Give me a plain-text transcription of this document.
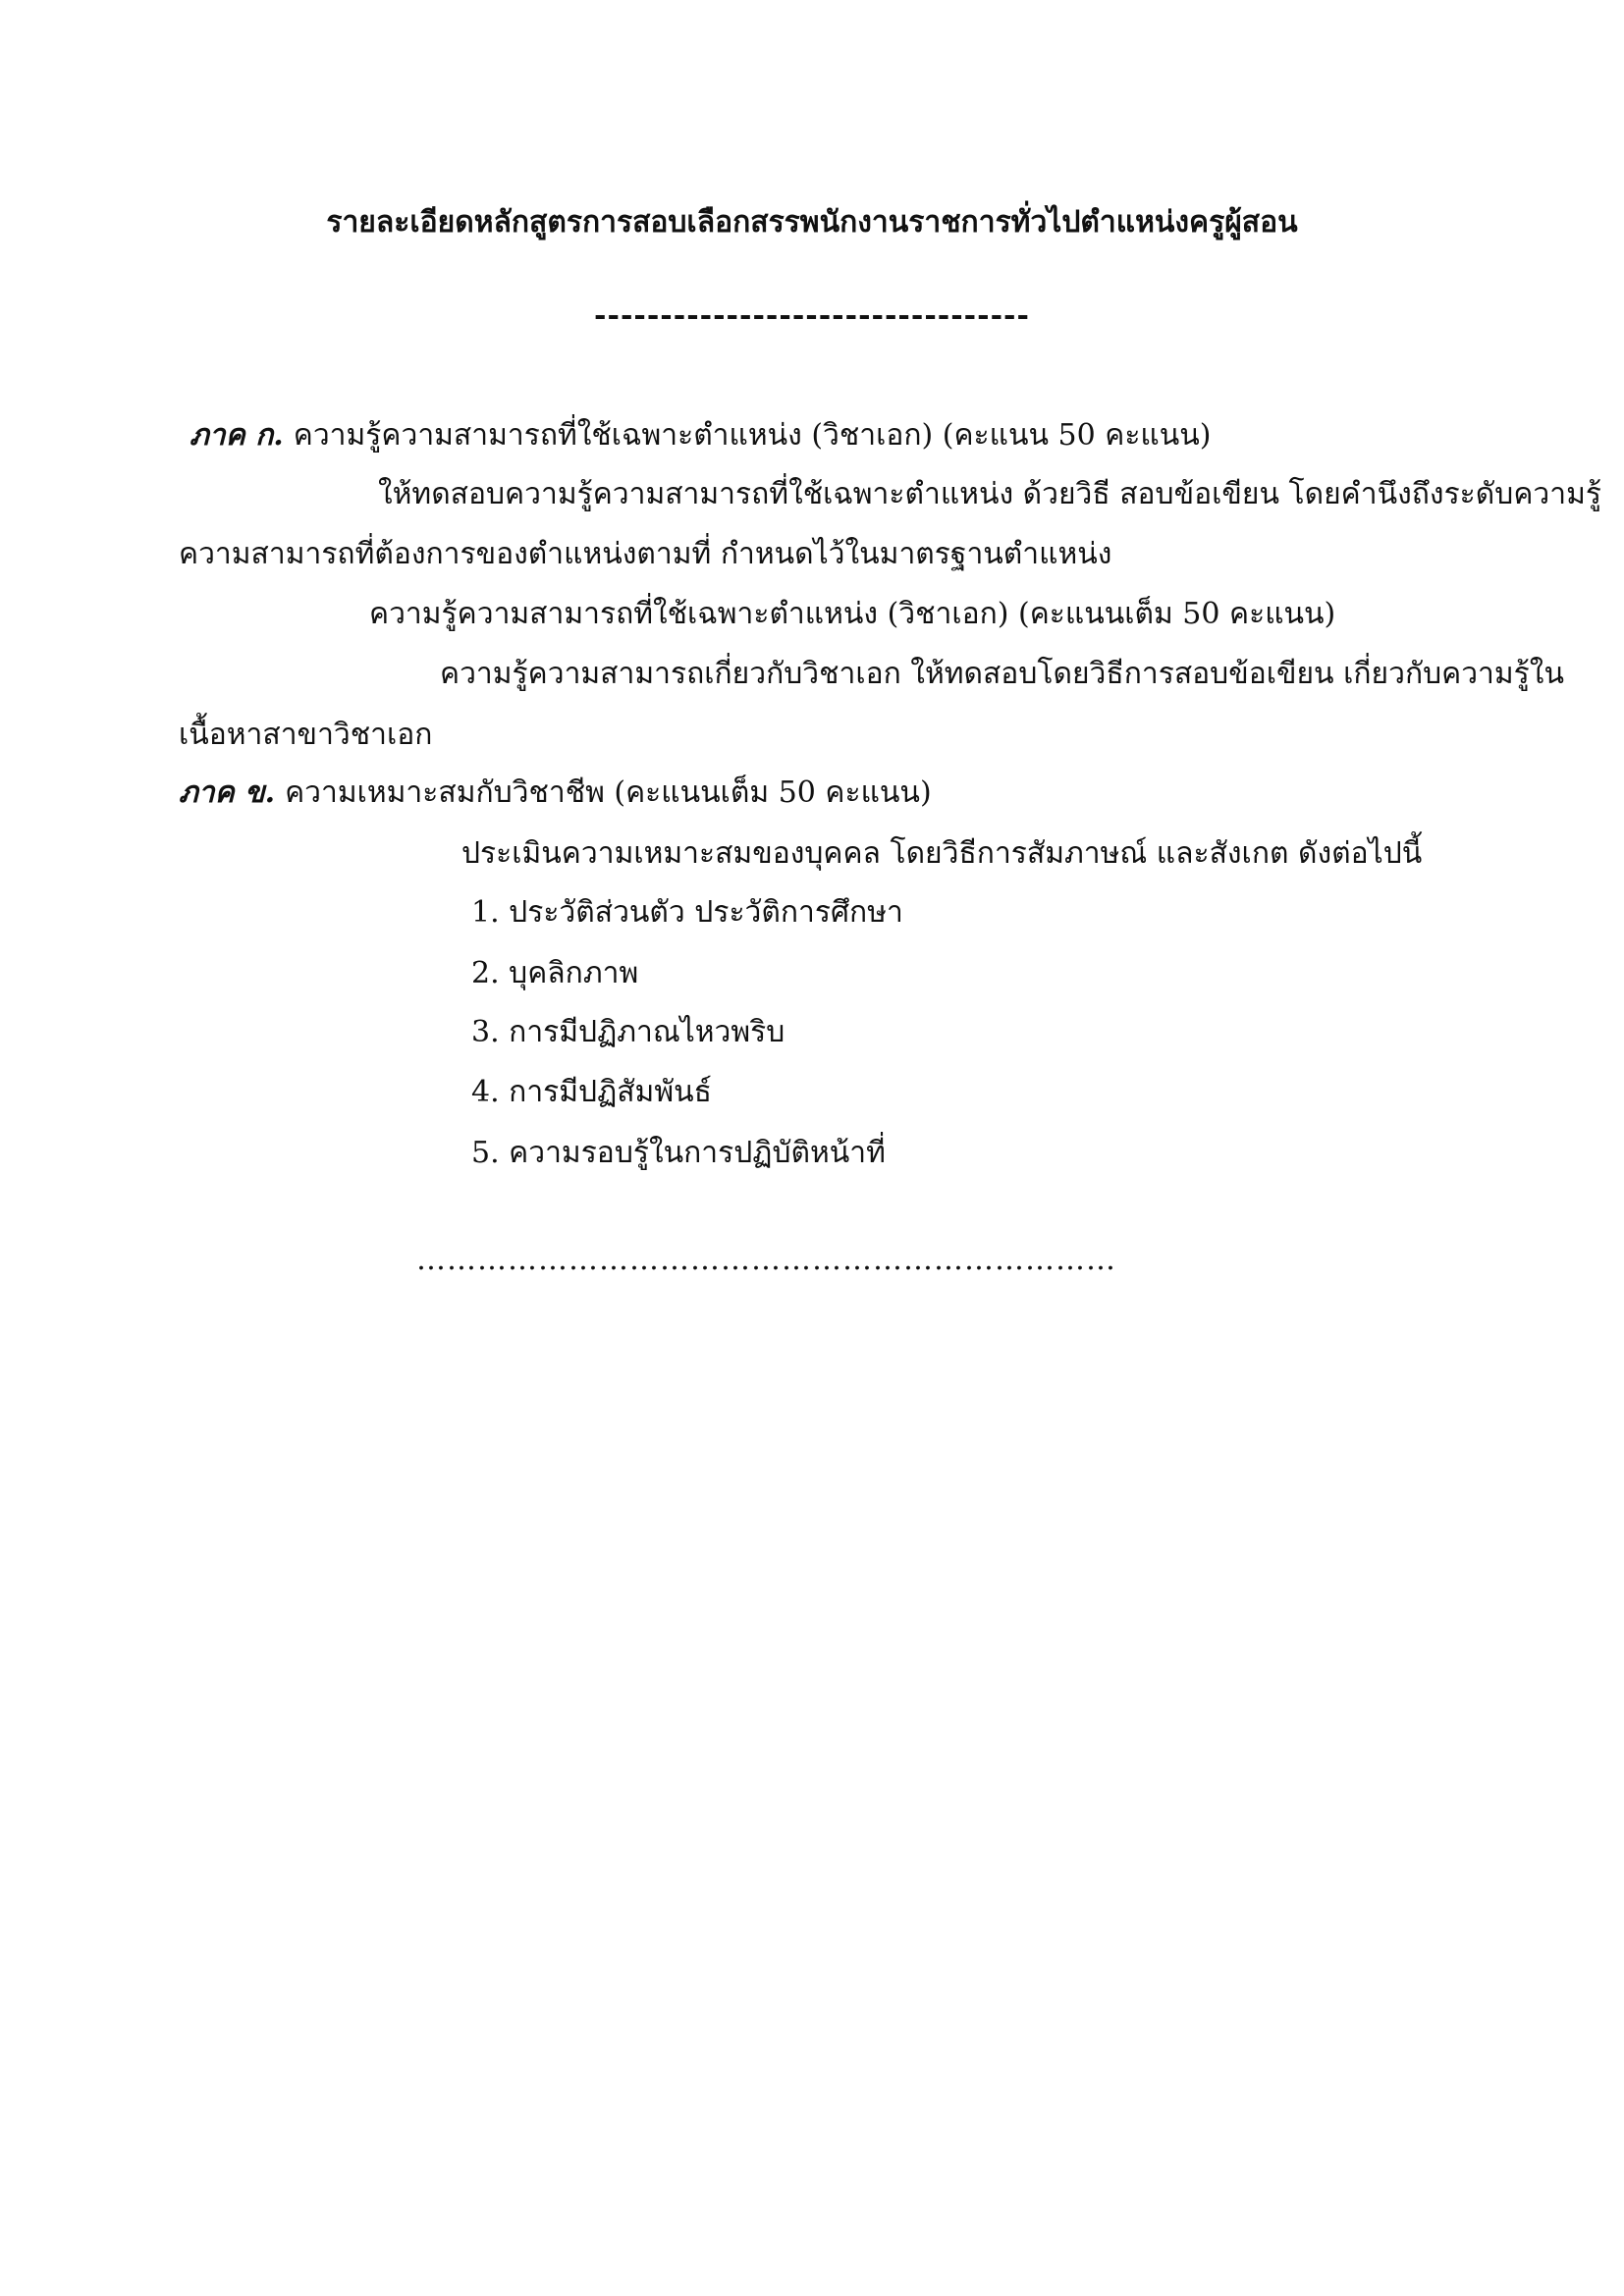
รายละเอียดหลักสูตรการสอบเลือกสรรพนักงานราชการทั่วไปตำแหน่งครูผู้สอน
---------------------------------
ภาค ก. ความรู้ความสามารถที่ใช้เฉพาะตำแหน่ง (วิชาเอก) (คะแนน 50 คะแนน)
ให้ทดสอบความรู้ความสามารถที่ใช้เฉพาะตำแหน่ง ด้วยวิธี สอบข้อเขียน โดยคำนึงถึงระดับความรู้
ความสามารถที่ต้องการของตำแหน่งตามที่ กำหนดไว้ในมาตรฐานตำแหน่ง
ความรู้ความสามารถที่ใช้เฉพาะตำแหน่ง (วิชาเอก) (คะแนนเต็ม 50 คะแนน)
ความรู้ความสามารถเกี่ยวกับวิชาเอก ให้ทดสอบโดยวิธีการสอบข้อเขียน เกี่ยวกับความรู้ใน
เนื้อหาสาขาวิชาเอก
ภาค ข. ความเหมาะสมกับวิชาชีพ (คะแนนเต็ม 50 คะแนน)
ประเมินความเหมาะสมของบุคคล โดยวิธีการสัมภาษณ์ และสังเกต ดังต่อไปนี้
1. ประวัติส่วนตัว ประวัติการศึกษา
2. บุคลิกภาพ
3. การมีปฏิภาณไหวพริบ
4. การมีปฏิสัมพันธ์
5. ความรอบรู้ในการปฏิบัติหน้าที่
……………………………………………………………
